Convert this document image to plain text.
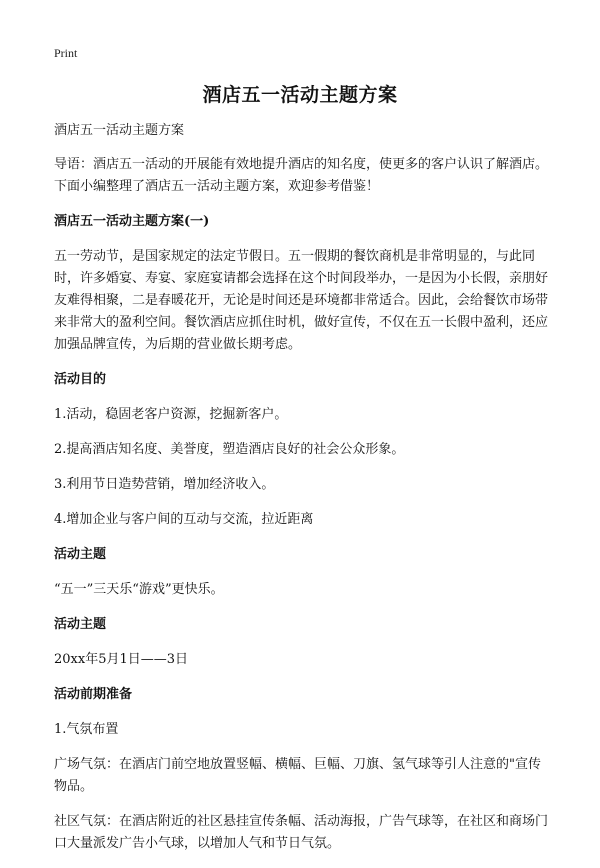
Print
酒店五一活动主题方案

酒店五一活动主题方案

导语：酒店五一活动的开展能有效地提升酒店的知名度，使更多的客户认识了解酒店。下面小编整理了酒店五一活动主题方案，欢迎参考借鉴！

酒店五一活动主题方案(一)

五一劳动节，是国家规定的法定节假日。五一假期的餐饮商机是非常明显的，与此同时，许多婚宴、寿宴、家庭宴请都会选择在这个时间段举办，一是因为小长假，亲朋好友难得相聚，二是春暖花开，无论是时间还是环境都非常适合。因此，会给餐饮市场带来非常大的盈利空间。餐饮酒店应抓住时机，做好宣传，不仅在五一长假中盈利，还应加强品牌宣传，为后期的营业做长期考虑。

活动目的

1.活动，稳固老客户资源，挖掘新客户。

2.提高酒店知名度、美誉度，塑造酒店良好的社会公众形象。

3.利用节日造势营销，增加经济收入。

4.增加企业与客户间的互动与交流，拉近距离

活动主题

“五一”三天乐“游戏”更快乐。

活动主题

20xx年5月1日——3日

活动前期准备

1.气氛布置

广场气氛：在酒店门前空地放置竖幅、横幅、巨幅、刀旗、氢气球等引人注意的"宣传物品。

社区气氛：在酒店附近的社区悬挂宣传条幅、活动海报，广告气球等，在社区和商场门口大量派发广告小气球，以增加人气和节日气氛。
